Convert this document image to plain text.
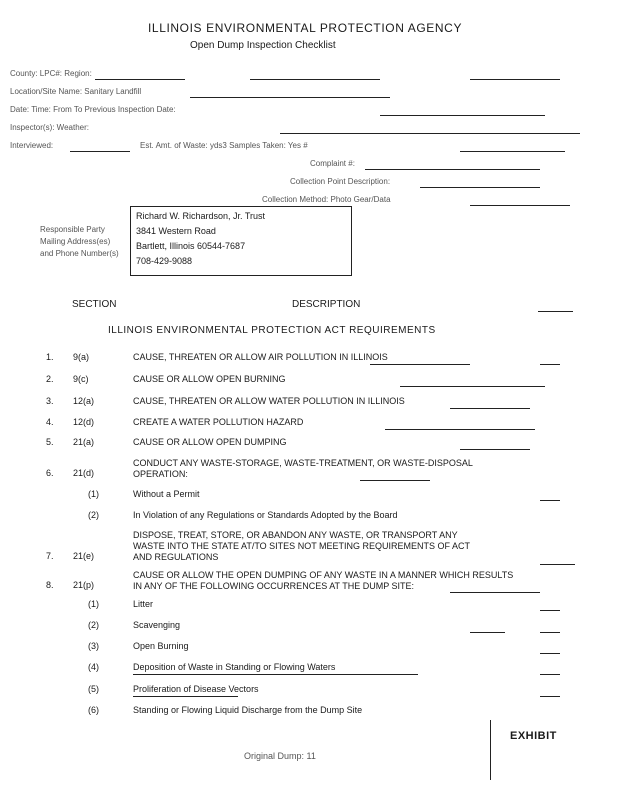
ILLINOIS ENVIRONMENTAL PROTECTION AGENCY
Open Dump Inspection Checklist
County: LPC#: Region:
Location/Site Name: Sanitary Landfill
Date: Time: From To Previous Inspection Date:
Inspector(s): Weather:
Interviewed:	Est. Amt. of Waste: yds3 Samples Taken: Yes #
Complaint #:
Collection Point Description:
Collection Method: Photo Gear/Data
Responsible Party
Mailing Address(es)
and Phone Number(s)
Richard W. Richardson, Jr. Trust
3841 Western Road
Bartlett, Illinois 60544-7687
708-429-9088
SECTION	DESCRIPTION
ILLINOIS ENVIRONMENTAL PROTECTION ACT REQUIREMENTS
1. 9(a)	CAUSE, THREATEN OR ALLOW AIR POLLUTION IN ILLINOIS
2. 9(c)	CAUSE OR ALLOW OPEN BURNING
3. 12(a)	CAUSE, THREATEN OR ALLOW WATER POLLUTION IN ILLINOIS
4. 12(d)	CREATE A WATER POLLUTION HAZARD
5. 21(a)	CAUSE OR ALLOW OPEN DUMPING
6. 21(d)
CONDUCT ANY WASTE-STORAGE, WASTE-TREATMENT, OR WASTE-DISPOSAL
OPERATION:
(1)	Without a Permit
(2)	In Violation of any Regulations or Standards Adopted by the Board
7. 21(e)
DISPOSE, TREAT, STORE, OR ABANDON ANY WASTE, OR TRANSPORT ANY
WASTE INTO THE STATE AT/TO SITES NOT MEETING REQUIREMENTS OF ACT
AND REGULATIONS
8. 21(p)
CAUSE OR ALLOW THE OPEN DUMPING OF ANY WASTE IN A MANNER WHICH RESULTS
IN ANY OF THE FOLLOWING OCCURRENCES AT THE DUMP SITE:
(1)	Litter
(2)	Scavenging
(3)	Open Burning
(4)	Deposition of Waste in Standing or Flowing Waters
(5)	Proliferation of Disease Vectors
(6)	Standing or Flowing Liquid Discharge from the Dump Site
EXHIBIT
Original Dump: 11
